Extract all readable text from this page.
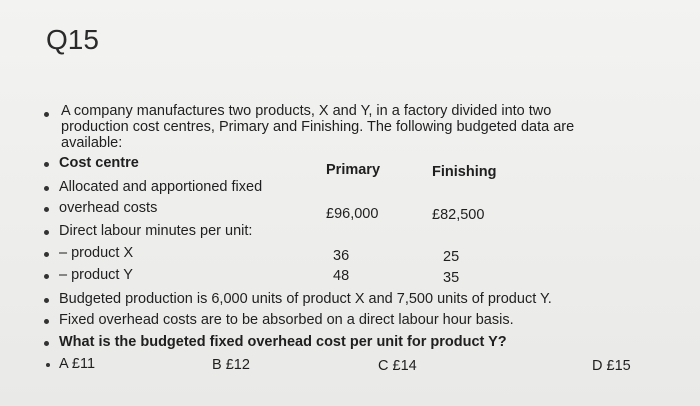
Q15
A company manufactures two products, X and Y, in a factory divided into two
production cost centres, Primary and Finishing. The following budgeted data are
available:
Cost centre	Primary	Finishing
Allocated and apportioned fixed
overhead costs	£96,000	£82,500
Direct labour minutes per unit:
– product X	36	25
– product Y	48	35
Budgeted production is 6,000 units of product X and 7,500 units of product Y.
Fixed overhead costs are to be absorbed on a direct labour hour basis.
What is the budgeted fixed overhead cost per unit for product Y?
A £11	B £12	C £14	D £15
